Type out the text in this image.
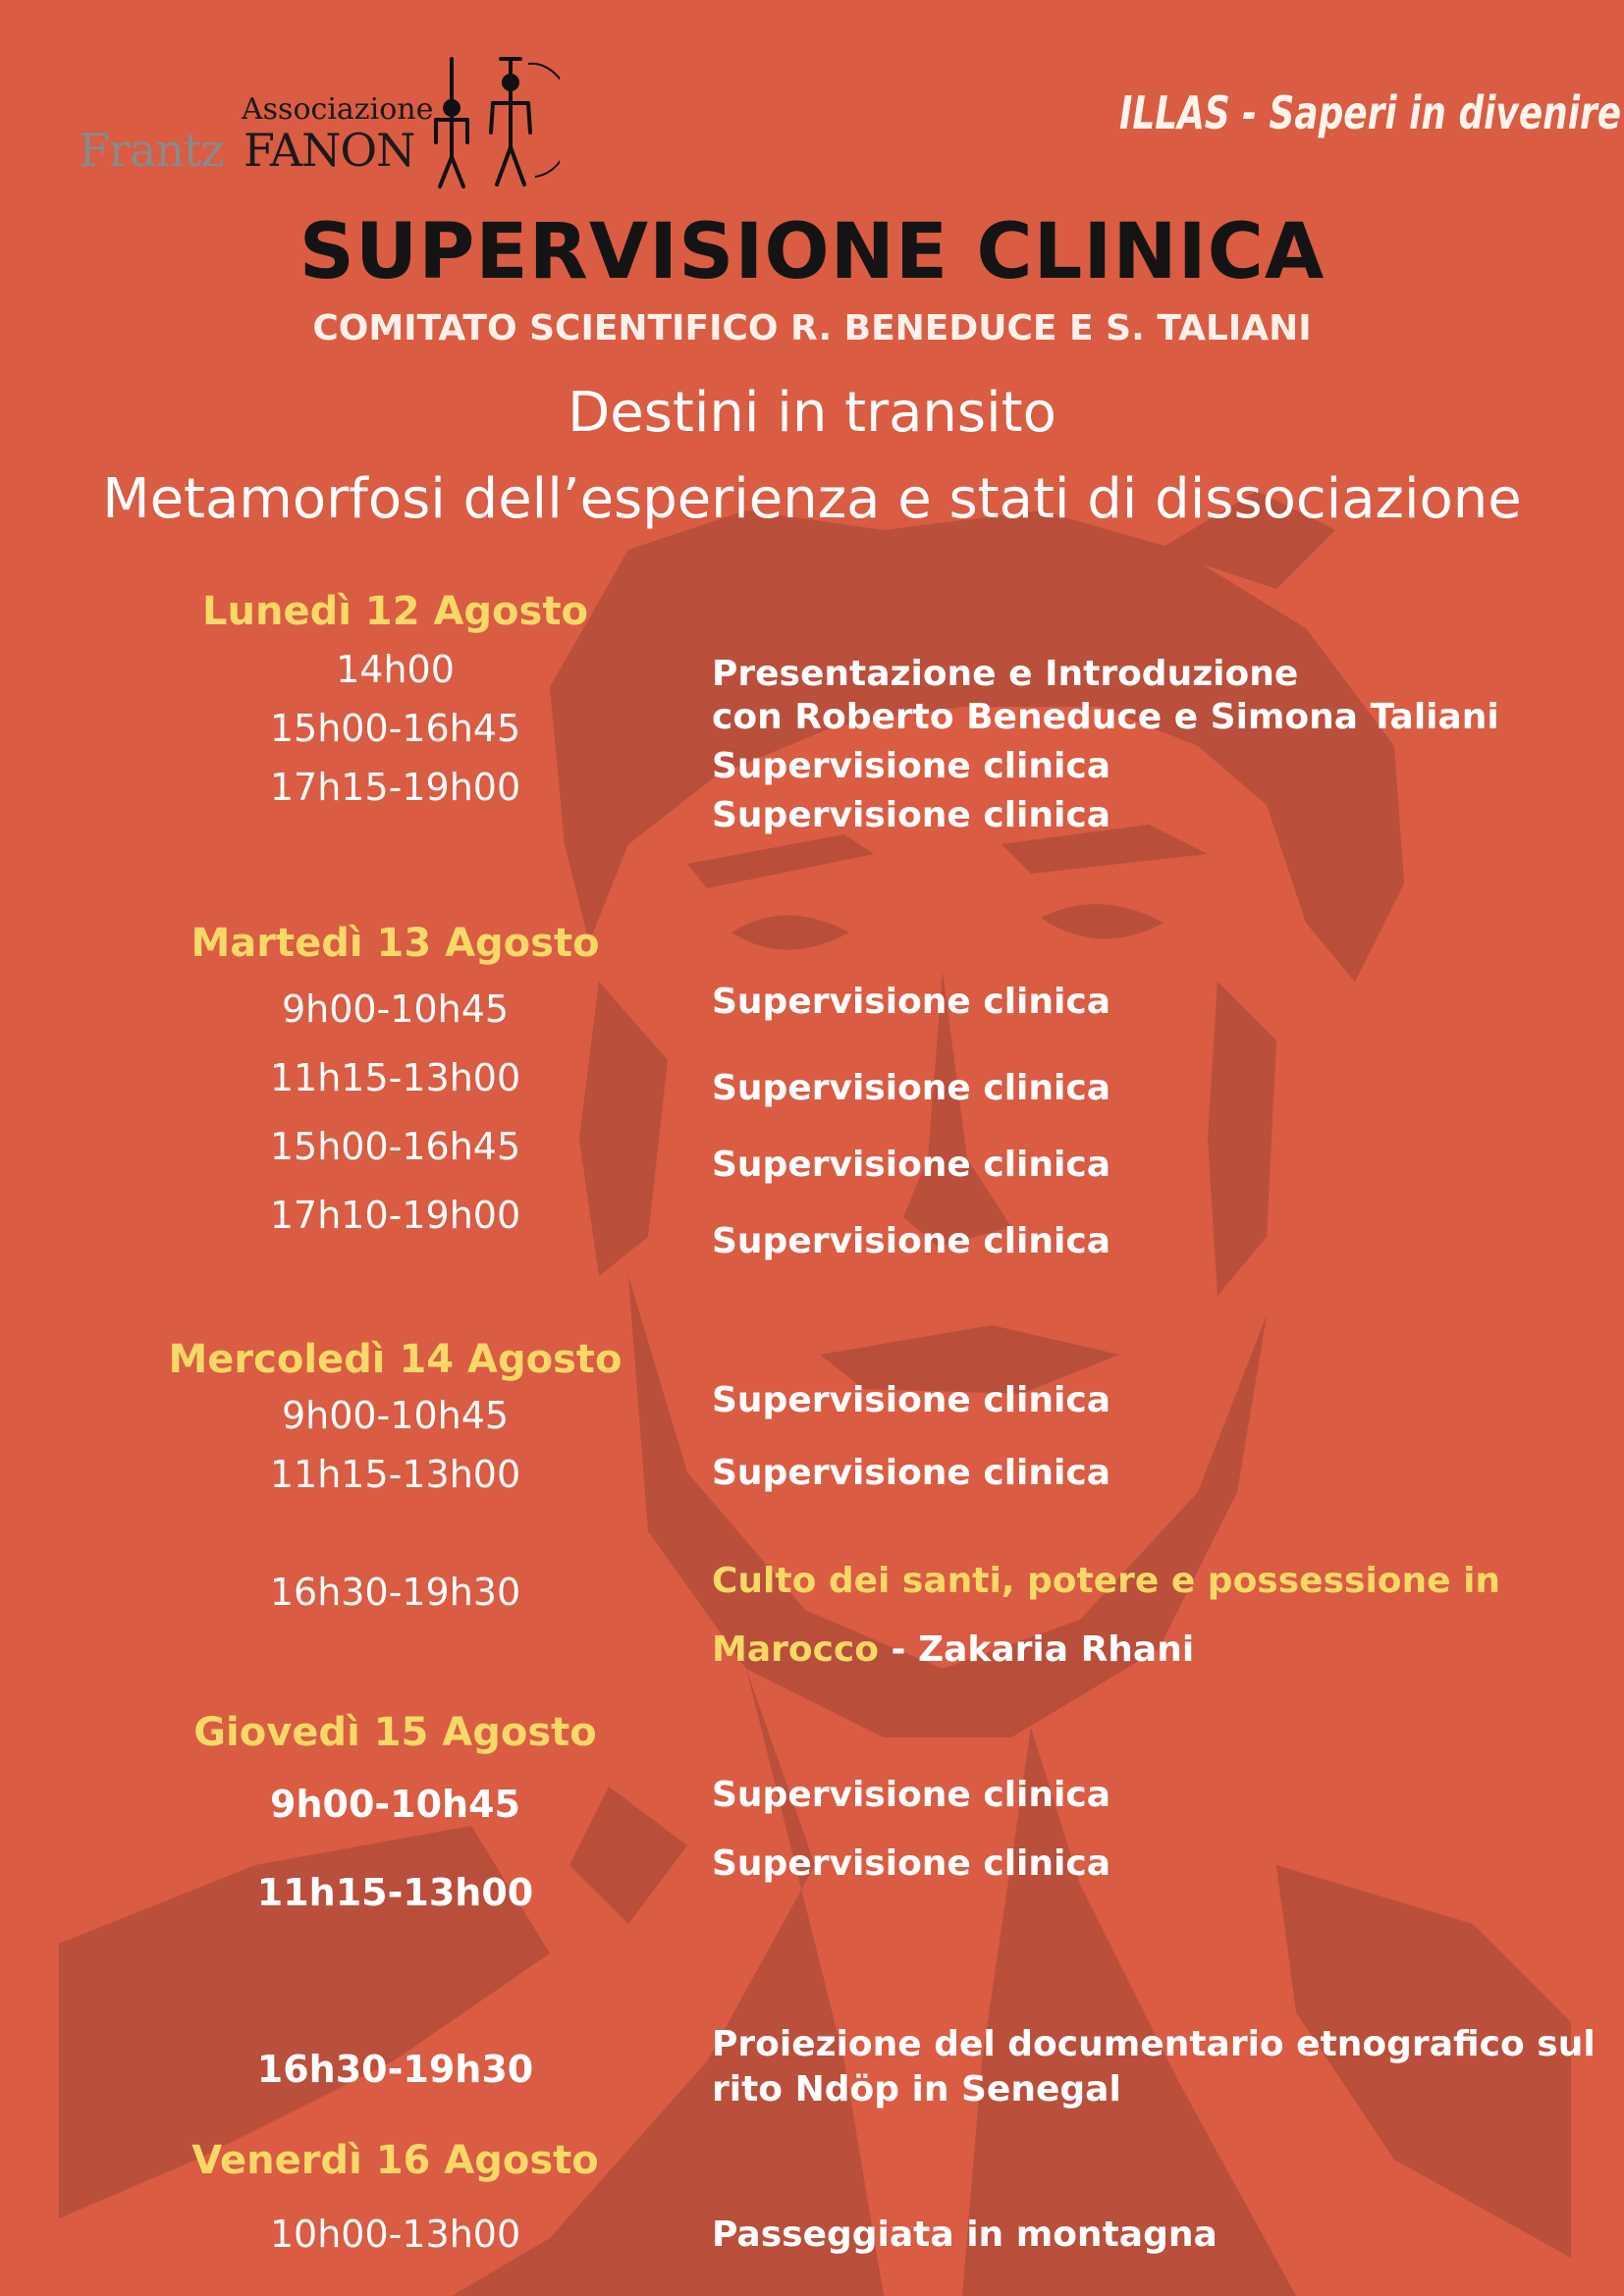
Associazione
Frantz FANON
ILLAS - Saperi in divenire
SUPERVISIONE CLINICA
COMITATO SCIENTIFICO R. BENEDUCE E S. TALIANI
Destini in transito
Metamorfosi dell’esperienza e stati di dissociazione
Lunedì 12 Agosto
14h00
15h00-16h45
17h15-19h00
Presentazione e Introduzione
con Roberto Beneduce e Simona Taliani
Supervisione clinica
Supervisione clinica
Martedì 13 Agosto
9h00-10h45
11h15-13h00
15h00-16h45
17h10-19h00
Supervisione clinica
Supervisione clinica
Supervisione clinica
Supervisione clinica
Mercoledì 14 Agosto
9h00-10h45
11h15-13h00
16h30-19h30
Supervisione clinica
Supervisione clinica
Culto dei santi, potere e possessione in
Marocco - Zakaria Rhani
Giovedì 15 Agosto
9h00-10h45
11h15-13h00
16h30-19h30
Supervisione clinica
Supervisione clinica
Proiezione del documentario etnografico sul
rito Ndöp in Senegal
Venerdì 16 Agosto
10h00-13h00	Passeggiata in montagna
